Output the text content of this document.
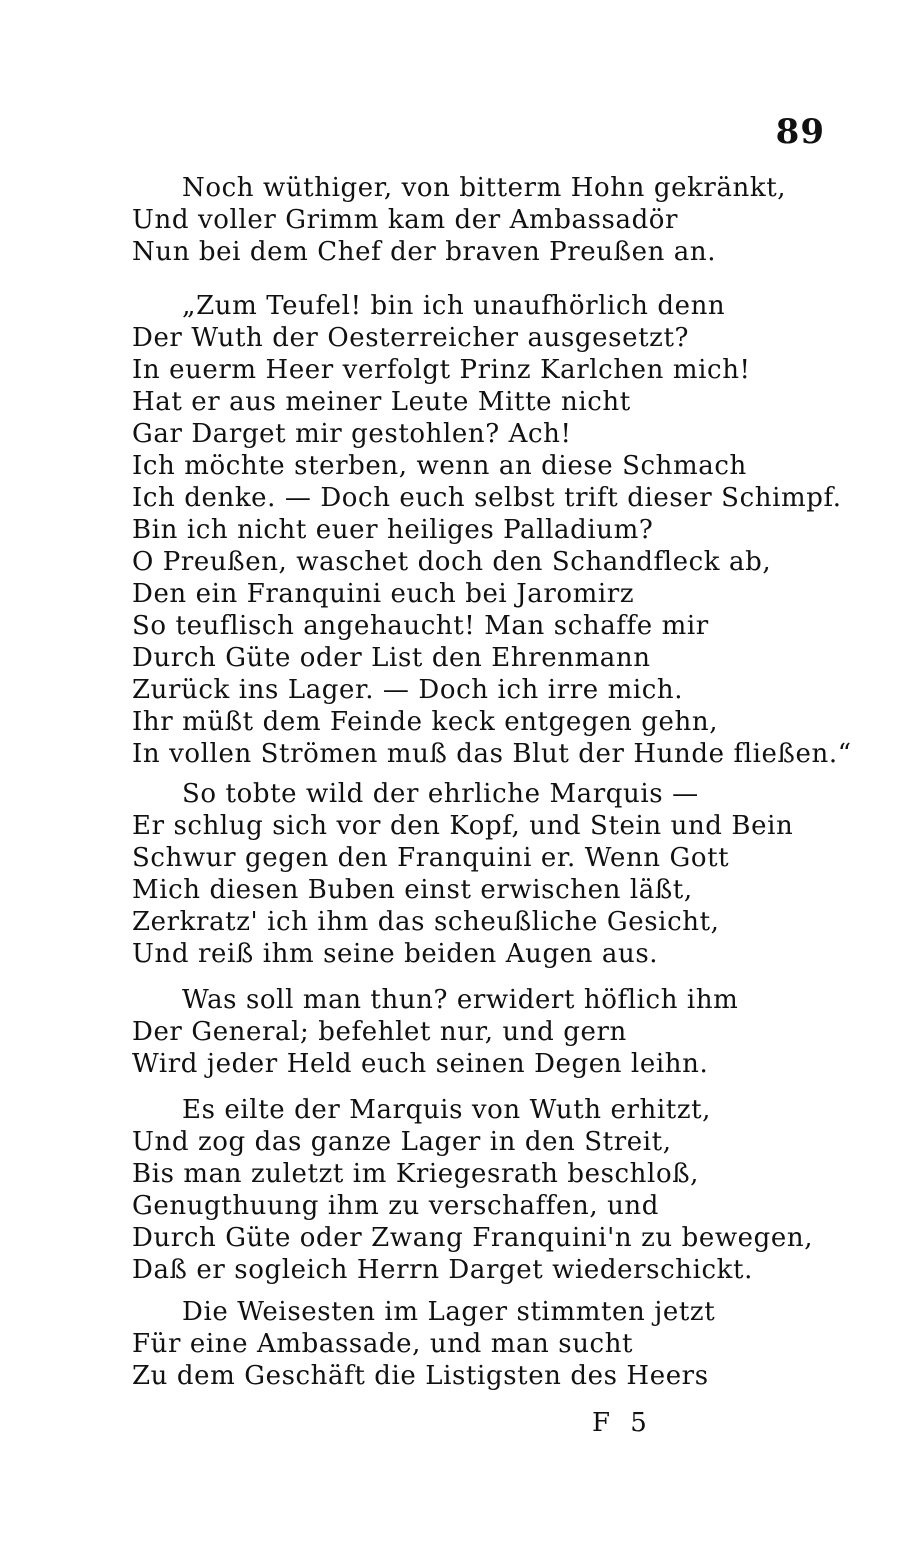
89
Noch wüthiger, von bitterm Hohn gekränkt,
Und voller Grimm kam der Ambassadör
Nun bei dem Chef der braven Preußen an.
„Zum Teufel! bin ich unaufhörlich denn
Der Wuth der Oesterreicher ausgesetzt?
In euerm Heer verfolgt Prinz Karlchen mich!
Hat er aus meiner Leute Mitte nicht
Gar Darget mir gestohlen? Ach!
Ich möchte sterben, wenn an diese Schmach
Ich denke. — Doch euch selbst trift dieser Schimpf.
Bin ich nicht euer heiliges Palladium?
O Preußen, waschet doch den Schandfleck ab,
Den ein Franquini euch bei Jaromirz
So teuflisch angehaucht! Man schaffe mir
Durch Güte oder List den Ehrenmann
Zurück ins Lager. — Doch ich irre mich.
Ihr müßt dem Feinde keck entgegen gehn,
In vollen Strömen muß das Blut der Hunde fließen.“
So tobte wild der ehrliche Marquis —
Er schlug sich vor den Kopf, und Stein und Bein
Schwur gegen den Franquini er. Wenn Gott
Mich diesen Buben einst erwischen läßt,
Zerkratz' ich ihm das scheußliche Gesicht,
Und reiß ihm seine beiden Augen aus.
Was soll man thun? erwidert höflich ihm
Der General; befehlet nur, und gern
Wird jeder Held euch seinen Degen leihn.
Es eilte der Marquis von Wuth erhitzt,
Und zog das ganze Lager in den Streit,
Bis man zuletzt im Kriegesrath beschloß,
Genugthuung ihm zu verschaffen, und
Durch Güte oder Zwang Franquini'n zu bewegen,
Daß er sogleich Herrn Darget wiederschickt.
Die Weisesten im Lager stimmten jetzt
Für eine Ambassade, und man sucht
Zu dem Geschäft die Listigsten des Heers
F 5
